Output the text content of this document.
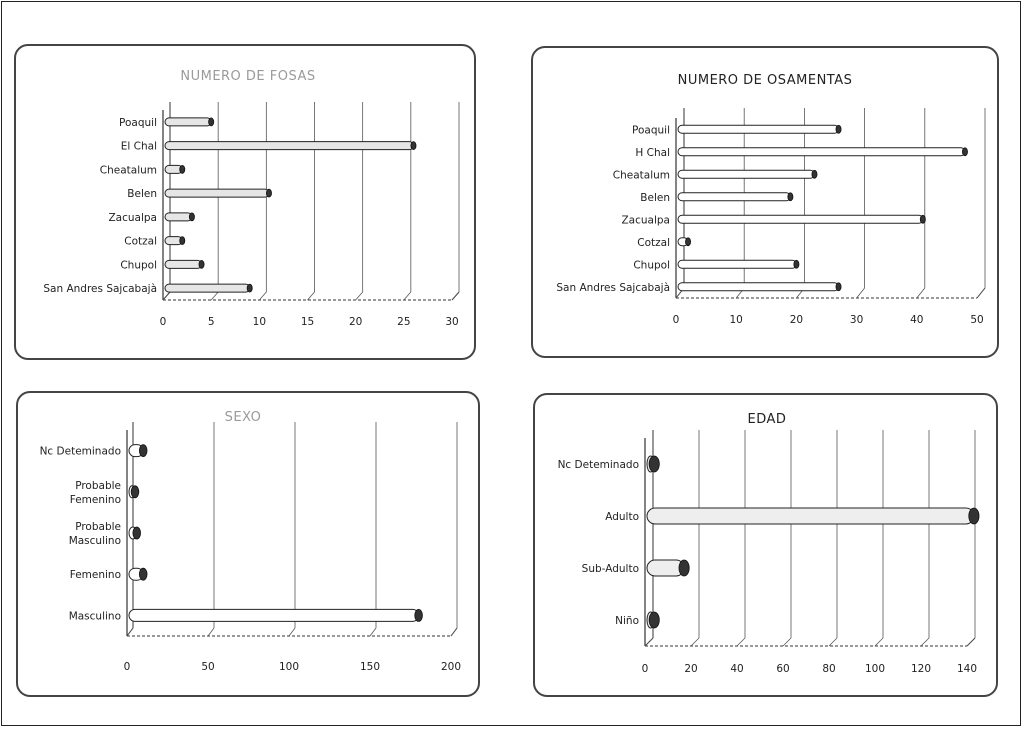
NUMERO DE FOSAS
0	5	10	15	20	25	30
Poaquil
El Chal
Cheatalum
Belen
Zacualpa
Cotzal
Chupol
San Andres Sajcabajà
NUMERO DE OSAMENTAS
0	10	20	30	40	50
Poaquil
H Chal
Cheatalum
Belen
Zacualpa
Cotzal
Chupol
San Andres Sajcabajà
SEXO
0	50	100	150	200
Nc Deteminado
Probable
Femenino
Probable
Masculino
Femenino
Masculino
EDAD
0	20	40	60	80	100 120 140
Nc Deteminado
Adulto
Sub-Adulto
Niño
